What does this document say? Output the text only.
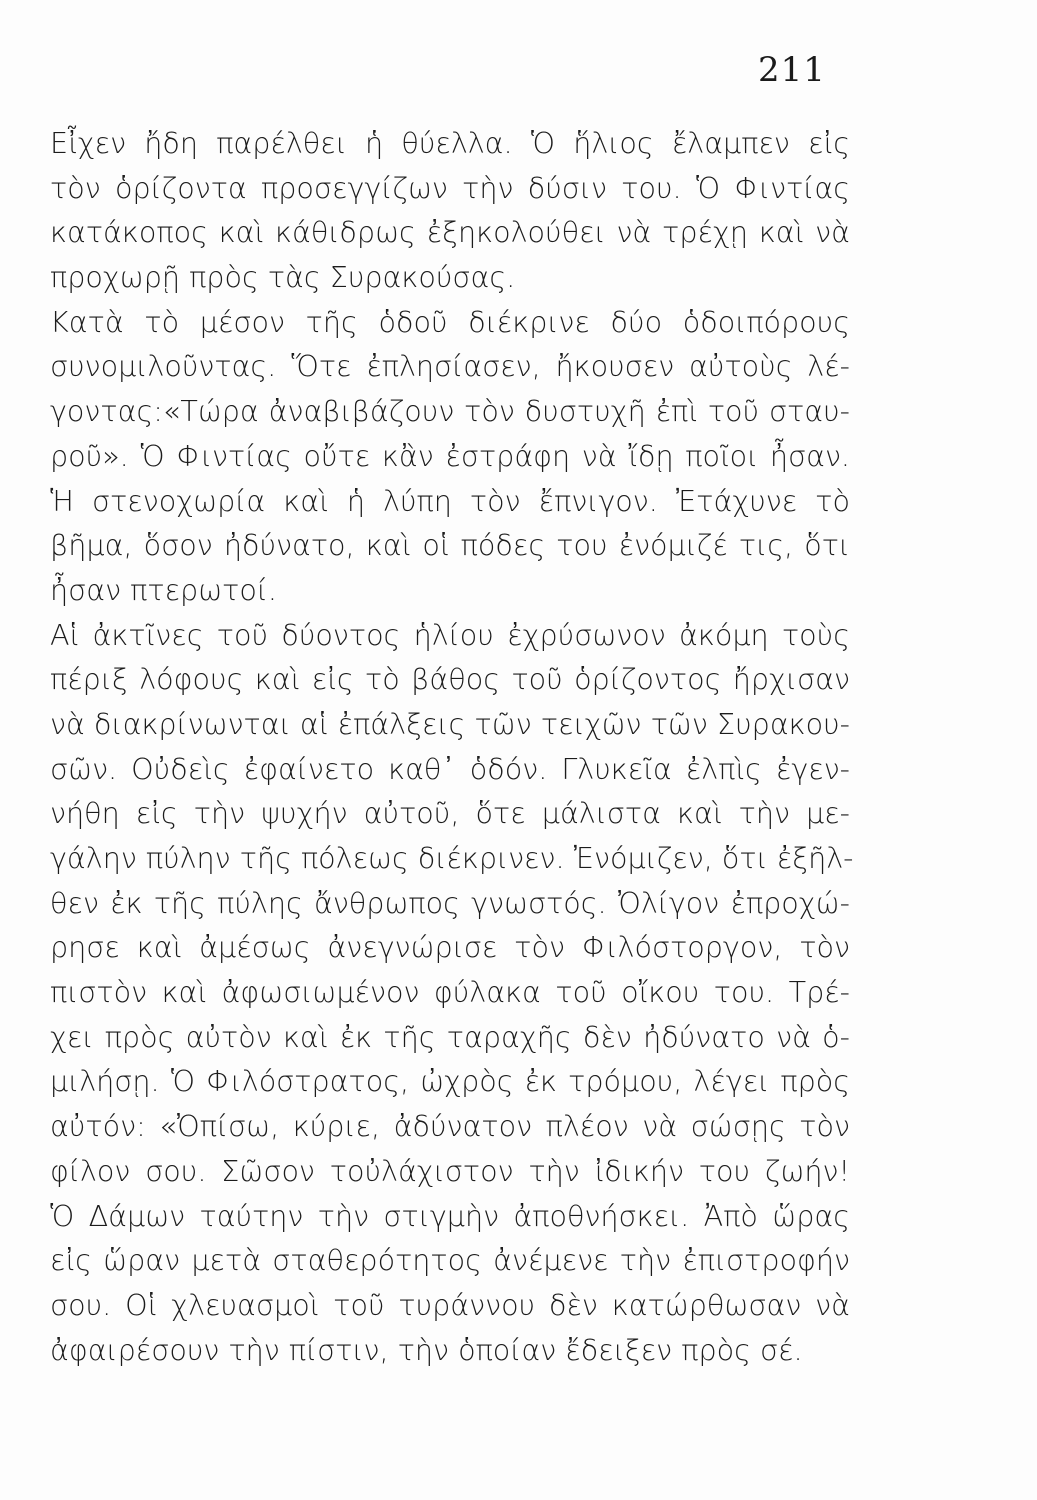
211
Εἶχεν ἤδη παρέλθει ἡ θύελλα. Ὁ ἥλιος ἔλαμπεν εἰς
τὸν ὁρίζοντα προσεγγίζων τὴν δύσιν του. Ὁ Φιντίας
κατάκοπος καὶ κάθιδρως ἐξηκολούθει νὰ τρέχῃ καὶ νὰ
προχωρῇ πρὸς τὰς Συρακούσας.
Κατὰ τὸ μέσον τῆς ὁδοῦ διέκρινε δύο ὁδοιπόρους
συνομιλοῦντας. Ὅτε ἐπλησίασεν, ἤκουσεν αὐτοὺς λέ-
γοντας:«Τώρα ἀναβιβάζουν τὸν δυστυχῆ ἐπὶ τοῦ σταυ-
ροῦ». Ὁ Φιντίας οὔτε κἂν ἐστράφη νὰ ἴδῃ ποῖοι ἦσαν.
Ἡ στενοχωρία καὶ ἡ λύπη τὸν ἔπνιγον. Ἐτάχυνε τὸ
βῆμα, ὅσον ἠδύνατο, καὶ οἱ πόδες του ἐνόμιζέ τις, ὅτι
ἦσαν πτερωτοί.
Αἱ ἀκτῖνες τοῦ δύοντος ἡλίου ἐχρύσωνον ἀκόμη τοὺς
πέριξ λόφους καὶ εἰς τὸ βάθος τοῦ ὁρίζοντος ἤρχισαν
νὰ διακρίνωνται αἱ ἐπάλξεις τῶν τειχῶν τῶν Συρακου-
σῶν. Οὐδεὶς ἐφαίνετο καθ᾽ ὁδόν. Γλυκεῖα ἐλπὶς ἐγεν-
νήθη εἰς τὴν ψυχήν αὐτοῦ, ὅτε μάλιστα καὶ τὴν με-
γάλην πύλην τῆς πόλεως διέκρινεν. Ἐνόμιζεν, ὅτι ἐξῆλ-
θεν ἐκ τῆς πύλης ἄνθρωπος γνωστός. Ὀλίγον ἐπροχώ-
ρησε καὶ ἀμέσως ἀνεγνώρισε τὸν Φιλόστοργον, τὸν
πιστὸν καὶ ἀφωσιωμένον φύλακα τοῦ οἴκου του. Τρέ-
χει πρὸς αὐτὸν καὶ ἐκ τῆς ταραχῆς δὲν ἠδύνατο νὰ ὁ-
μιλήσῃ. Ὁ Φιλόστρατος, ὠχρὸς ἐκ τρόμου, λέγει πρὸς
αὐτόν: «Ὀπίσω, κύριε, ἀδύνατον πλέον νὰ σώσῃς τὸν
φίλον σου. Σῶσον τοὐλάχιστον τὴν ἰδικήν του ζωήν!
Ὁ Δάμων ταύτην τὴν στιγμὴν ἀποθνήσκει. Ἀπὸ ὥρας
εἰς ὥραν μετὰ σταθερότητος ἀνέμενε τὴν ἐπιστροφήν
σου. Οἱ χλευασμοὶ τοῦ τυράννου δὲν κατώρθωσαν νὰ
ἀφαιρέσουν τὴν πίστιν, τὴν ὁποίαν ἔδειξεν πρὸς σέ.
